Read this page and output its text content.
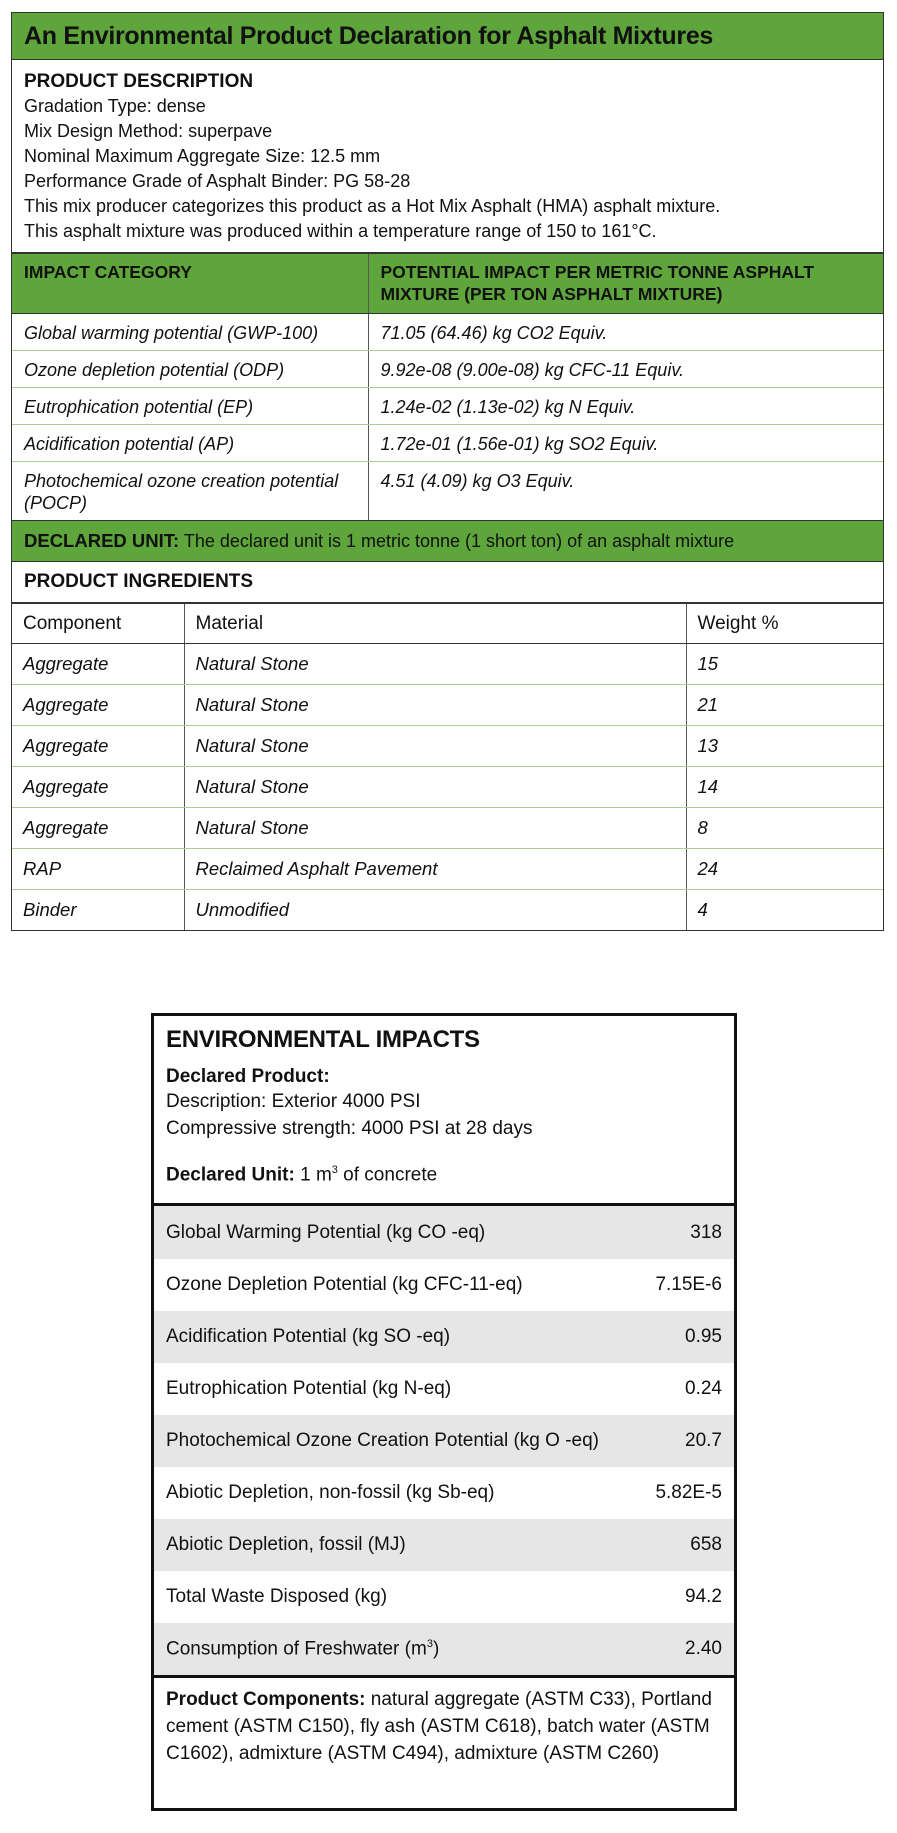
An Environmental Product Declaration for Asphalt Mixtures
PRODUCT DESCRIPTION
Gradation Type: dense
Mix Design Method: superpave
Nominal Maximum Aggregate Size: 12.5 mm
Performance Grade of Asphalt Binder: PG 58-28
This mix producer categorizes this product as a Hot Mix Asphalt (HMA) asphalt mixture.
This asphalt mixture was produced within a temperature range of 150 to 161°C.
IMPACT CATEGORY	POTENTIAL IMPACT PER METRIC TONNE ASPHALT MIXTURE (PER TON ASPHALT MIXTURE)
Global warming potential (GWP-100)	71.05 (64.46) kg CO2 Equiv.
Ozone depletion potential (ODP)	9.92e-08 (9.00e-08) kg CFC-11 Equiv.
Eutrophication potential (EP)	1.24e-02 (1.13e-02) kg N Equiv.
Acidification potential (AP)	1.72e-01 (1.56e-01) kg SO2 Equiv.
Photochemical ozone creation potential (POCP)	4.51 (4.09) kg O3 Equiv.
DECLARED UNIT: The declared unit is 1 metric tonne (1 short ton) of an asphalt mixture
PRODUCT INGREDIENTS
Component	Material	Weight %
Aggregate	Natural Stone	15
Aggregate	Natural Stone	21
Aggregate	Natural Stone	13
Aggregate	Natural Stone	14
Aggregate	Natural Stone	8
RAP	Reclaimed Asphalt Pavement	24
Binder	Unmodified	4
ENVIRONMENTAL IMPACTS
Declared Product:
Description: Exterior 4000 PSI
Compressive strength: 4000 PSI at 28 days
Declared Unit: 1 $m^3$ of concrete
Global Warming Potential (kg CO -eq)	318
Ozone Depletion Potential (kg CFC-11-eq)	7.15E-6
Acidification Potential (kg SO -eq)	0.95
Eutrophication Potential (kg N-eq)	0.24
Photochemical Ozone Creation Potential (kg O -eq)	20.7
Abiotic Depletion, non-fossil (kg Sb-eq)	5.82E-5
Abiotic Depletion, fossil (MJ)	658
Total Waste Disposed (kg)	94.2
Consumption of Freshwater $(m^3)$	2.40
Product Components: natural aggregate (ASTM C33), Portland cement (ASTM C150), fly ash (ASTM C618), batch water (ASTM C1602), admixture (ASTM C494), admixture (ASTM C260)
